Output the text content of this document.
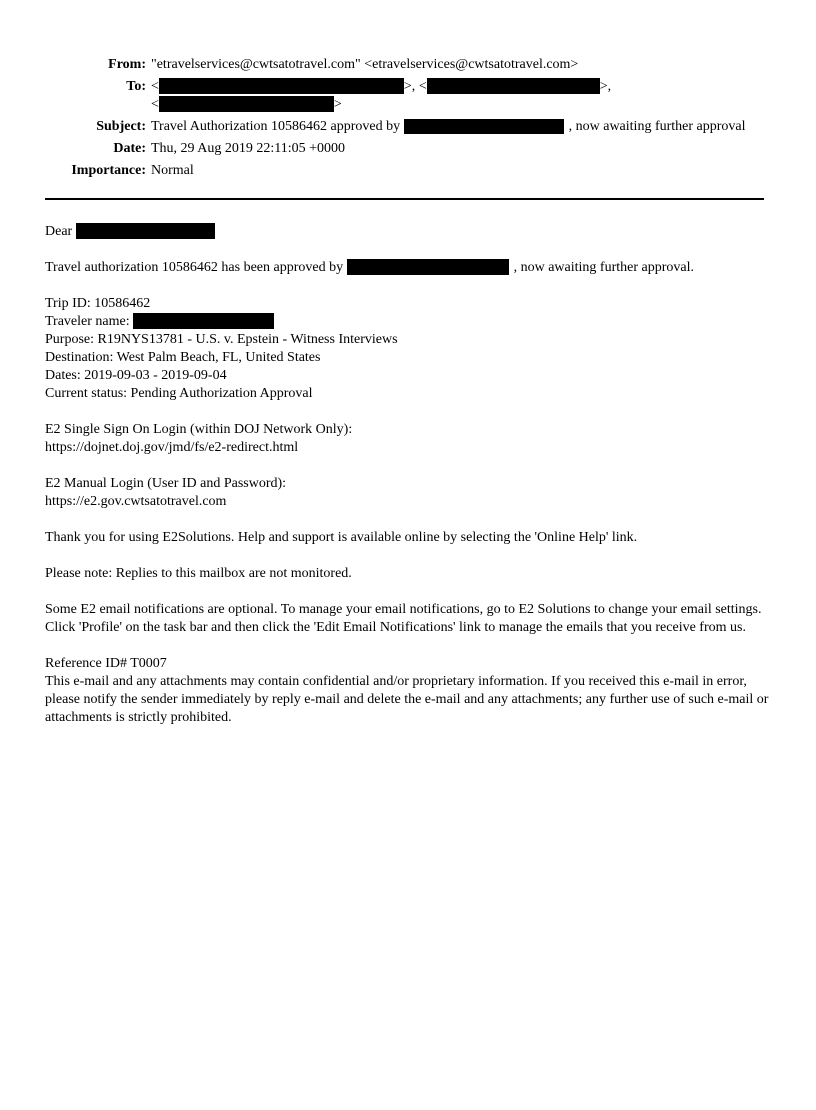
From:	"etravelservices@cwtsatotravel.com" <etravelservices@cwtsatotravel.com>
To:	< >, < >,
< >
Subject:	Travel Authorization 10586462 approved by , now awaiting further approval
Date:	Thu, 29 Aug 2019 22:11:05 +0000
Importance:	Normal
Dear
Travel authorization 10586462 has been approved by	, now awaiting further approval.
Trip ID: 10586462
Traveler name:
Purpose: R19NYS13781 - U.S. v. Epstein - Witness Interviews
Destination: West Palm Beach, FL, United States
Dates: 2019-09-03 - 2019-09-04
Current status: Pending Authorization Approval
E2 Single Sign On Login (within DOJ Network Only):
https://dojnet.doj.gov/jmd/fs/e2-redirect.html
E2 Manual Login (User ID and Password):
https://e2.gov.cwtsatotravel.com
Thank you for using E2Solutions. Help and support is available online by selecting the 'Online Help' link.
Please note: Replies to this mailbox are not monitored.
Some E2 email notifications are optional. To manage your email notifications, go to E2 Solutions to change your email settings. Click 'Profile' on the task bar and then click the 'Edit Email Notifications' link to manage the emails that you receive from us.
Reference ID# T0007
This e-mail and any attachments may contain confidential and/or proprietary information. If you received this e-mail in error, please notify the sender immediately by reply e-mail and delete the e-mail and any attachments; any further use of such e-mail or attachments is strictly prohibited.
